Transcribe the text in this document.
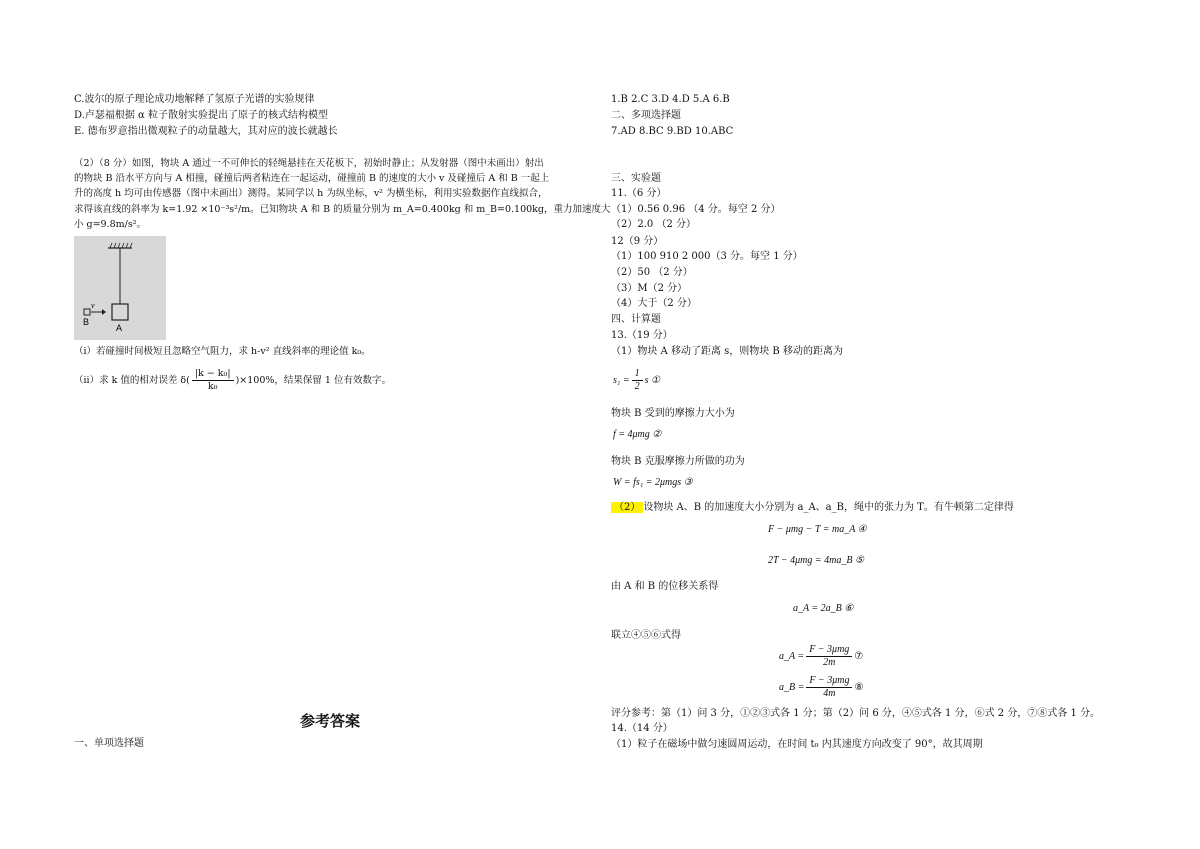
C.波尔的原子理论成功地解释了氢原子光谱的实验规律
D.卢瑟福根据 α 粒子散射实验提出了原子的核式结构模型
E. 德布罗意指出微观粒子的动量越大，其对应的波长就越长
（2）（8 分）如图，物块 A 通过一不可伸长的轻绳悬挂在天花板下，初始时静止；从发射器（图中未画出）射出
的物块 B 沿水平方向与 A 相撞，碰撞后两者粘连在一起运动，碰撞前 B 的速度的大小 v 及碰撞后 A 和 B 一起上
升的高度 h 均可由传感器（图中未画出）测得。某同学以 h 为纵坐标，v² 为横坐标，利用实验数据作直线拟合，
求得该直线的斜率为 k=1.92 ×10⁻³s²/m。已知物块 A 和 B 的质量分别为 m_A=0.400kg 和 m_B=0.100kg，重力加速度大
小 g=9.8m/s²。
v
B
A
（i）若碰撞时间极短且忽略空气阻力，求 h-v² 直线斜率的理论值 k₀。
（ii）求 k 值的相对误差 $\delta( \frac{\text{|k − k₀|}}{\text{k₀}} )\times 100\%$，结果保留 1 位有效数字。
参考答案
一、单项选择题
1.B 2.C 3.D 4.D 5.A 6.B
二、多项选择题
7.AD 8.BC 9.BD 10.ABC
三、实验题
11.（6 分）
（1）0.56 0.96 （4 分。每空 2 分）
（2）2.0 （2 分）
12（9 分）
（1）100 910 2 000（3 分。每空 1 分）
（2）50 （2 分）
（3）M（2 分）
（4）大于（2 分）
四、计算题
13.（19 分）
（1）物块 A 移动了距离 s，则物块 B 移动的距离为
$s_1 = \frac{1}{2}$ s ①
物块 B 受到的摩擦力大小为
f = 4μmg ②
物块 B 克服摩擦力所做的功为
W = fs₁ = 2μmgs ③
（2） 设物块 A、B 的加速度大小分别为 a_A、a_B，绳中的张力为 T。有牛顿第二定律得
F − μmg − T = ma_A ④
2T − 4μmg = 4ma_B ⑤
由 A 和 B 的位移关系得
a_A = 2a_B ⑥
联立④⑤⑥式得
a_A = $\frac{\text{F − 3μmg}}{2m}$ ⑦
a_B = $\frac{\text{F − 3μmg}}{4m}$ ⑧
评分参考：第（1）问 3 分，①②③式各 1 分；第（2）问 6 分，④⑤式各 1 分，⑥式 2 分，⑦⑧式各 1 分。
14.（14 分）
（1）粒子在磁场中做匀速圆周运动，在时间 t₀ 内其速度方向改变了 90°，故其周期
